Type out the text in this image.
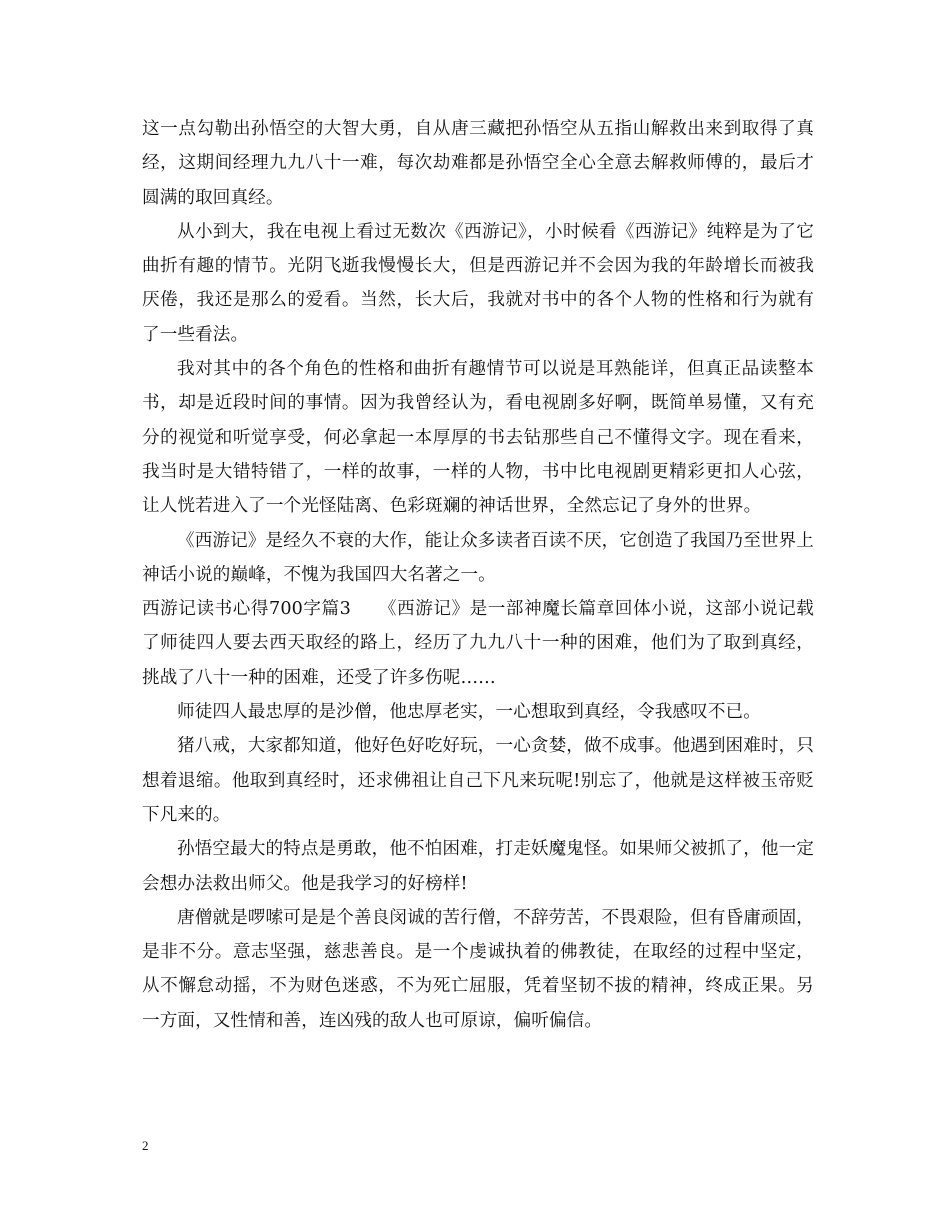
这一点勾勒出孙悟空的大智大勇，自从唐三藏把孙悟空从五指山解救出来到取得了真经，这期间经理九九八十一难，每次劫难都是孙悟空全心全意去解救师傅的，最后才圆满的取回真经。

从小到大，我在电视上看过无数次《西游记》，小时候看《西游记》纯粹是为了它曲折有趣的情节。光阴飞逝我慢慢长大，但是西游记并不会因为我的年龄增长而被我厌倦，我还是那么的爱看。当然，长大后，我就对书中的各个人物的性格和行为就有了一些看法。

我对其中的各个角色的性格和曲折有趣情节可以说是耳熟能详，但真正品读整本书，却是近段时间的事情。因为我曾经认为，看电视剧多好啊，既简单易懂，又有充分的视觉和听觉享受，何必拿起一本厚厚的书去钻那些自己不懂得文字。现在看来，我当时是大错特错了，一样的故事，一样的人物，书中比电视剧更精彩更扣人心弦，让人恍若进入了一个光怪陆离、色彩斑斓的神话世界，全然忘记了身外的世界。

《西游记》是经久不衰的大作，能让众多读者百读不厌，它创造了我国乃至世界上神话小说的巅峰，不愧为我国四大名著之一。

西游记读书心得700字篇3　　《西游记》是一部神魔长篇章回体小说，这部小说记载了师徒四人要去西天取经的路上，经历了九九八十一种的困难，他们为了取到真经，挑战了八十一种的困难，还受了许多伤呢……

师徒四人最忠厚的是沙僧，他忠厚老实，一心想取到真经，令我感叹不已。

猪八戒，大家都知道，他好色好吃好玩，一心贪婪，做不成事。他遇到困难时，只想着退缩。他取到真经时，还求佛祖让自己下凡来玩呢!别忘了，他就是这样被玉帝贬下凡来的。

孙悟空最大的特点是勇敢，他不怕困难，打走妖魔鬼怪。如果师父被抓了，他一定会想办法救出师父。他是我学习的好榜样!

唐僧就是啰嗦可是是个善良闵诚的苦行僧，不辞劳苦，不畏艰险，但有昏庸顽固，是非不分。意志坚强，慈悲善良。是一个虔诚执着的佛教徒，在取经的过程中坚定，从不懈怠动摇，不为财色迷惑，不为死亡屈服，凭着坚韧不拔的精神，终成正果。另一方面，又性情和善，连凶残的敌人也可原谅，偏听偏信。

2
